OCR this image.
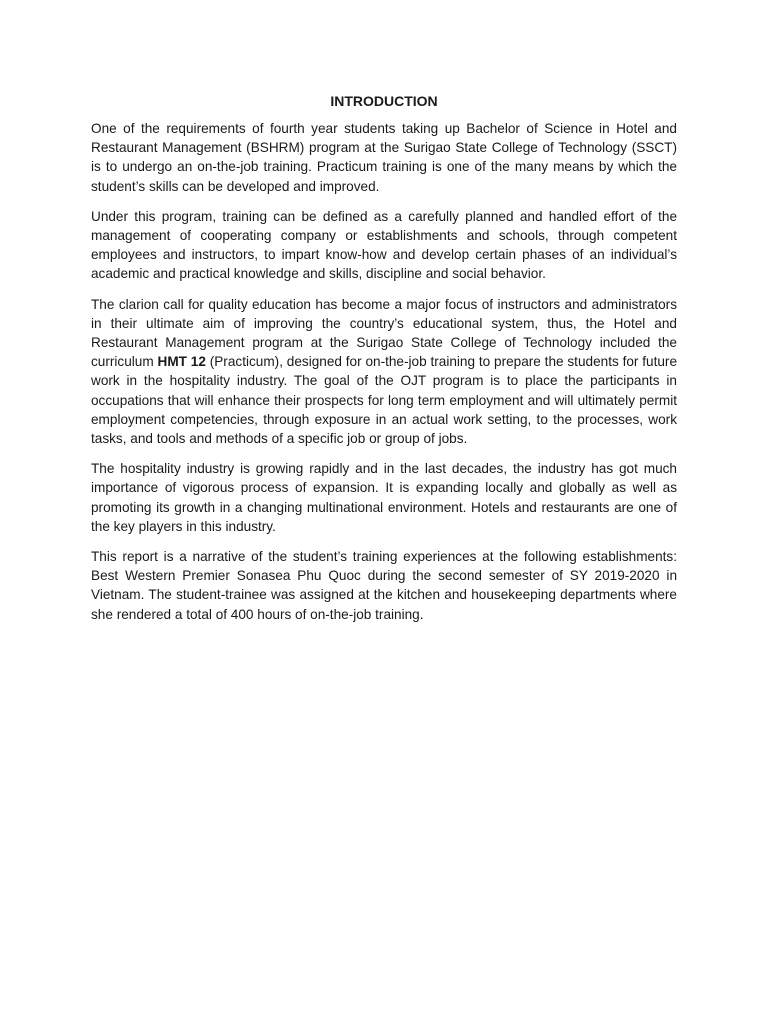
INTRODUCTION

One of the requirements of fourth year students taking up Bachelor of Science in Hotel and Restaurant Management (BSHRM) program at the Surigao State College of Technology (SSCT) is to undergo an on-the-job training. Practicum training is one of the many means by which the student’s skills can be developed and improved.

Under this program, training can be defined as a carefully planned and handled effort of the management of cooperating company or establishments and schools, through competent employees and instructors, to impart know-how and develop certain phases of an individual’s academic and practical knowledge and skills, discipline and social behavior.

The clarion call for quality education has become a major focus of instructors and administrators in their ultimate aim of improving the country’s educational system, thus, the Hotel and Restaurant Management program at the Surigao State College of Technology included the curriculum HMT 12 (Practicum), designed for on-the-job training to prepare the students for future work in the hospitality industry. The goal of the OJT program is to place the participants in occupations that will enhance their prospects for long term employment and will ultimately permit employment competencies, through exposure in an actual work setting, to the processes, work tasks, and tools and methods of a specific job or group of jobs.

The hospitality industry is growing rapidly and in the last decades, the industry has got much importance of vigorous process of expansion. It is expanding locally and globally as well as promoting its growth in a changing multinational environment. Hotels and restaurants are one of the key players in this industry.

This report is a narrative of the student’s training experiences at the following establishments: Best Western Premier Sonasea Phu Quoc during the second semester of SY 2019-2020 in Vietnam. The student-trainee was assigned at the kitchen and housekeeping departments where she rendered a total of 400 hours of on-the-job training.
